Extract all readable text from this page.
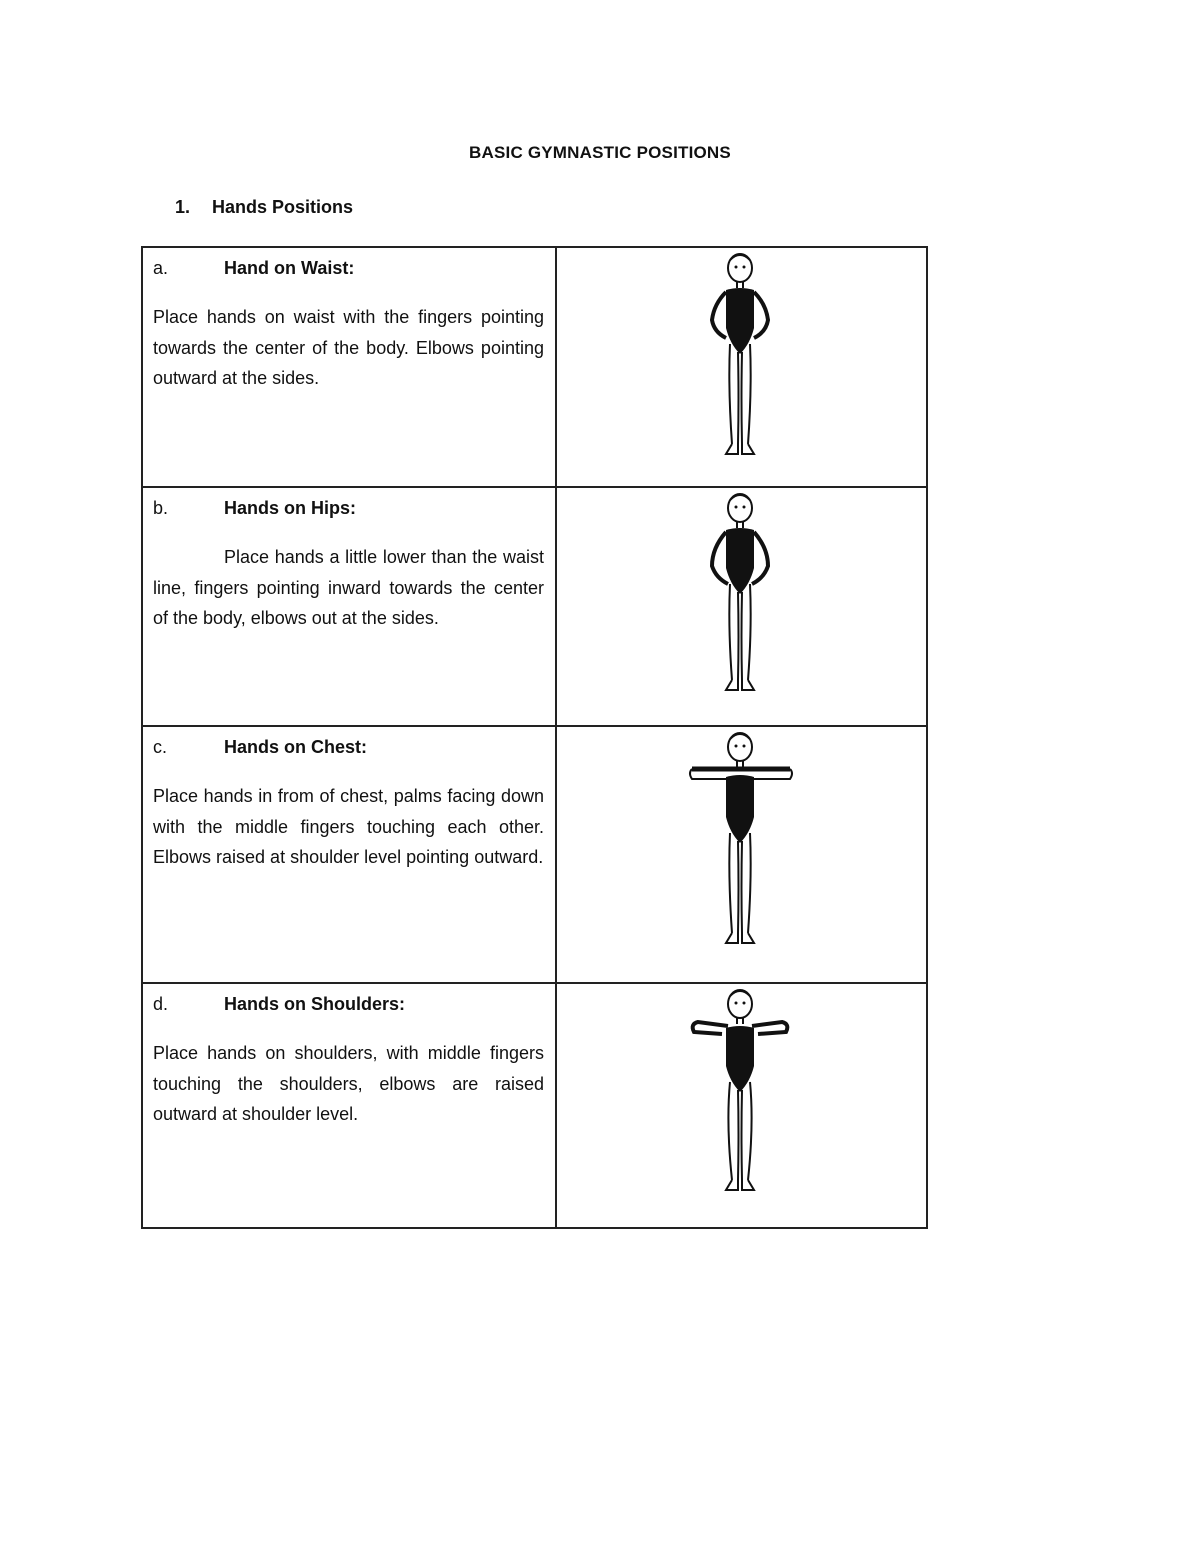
BASIC GYMNASTIC POSITIONS
1. Hands Positions
a. Hand on Waist:
Place hands on waist with the fingers pointing towards the center of the body. Elbows pointing outward at the sides.

b. Hands on Hips:
Place hands a little lower than the waist line, fingers pointing inward towards the center of the body, elbows out at the sides.

c. Hands on Chest:
Place hands in from of chest, palms facing down with the middle fingers touching each other. Elbows raised at shoulder level pointing outward.

d. Hands on Shoulders:
Place hands on shoulders, with middle fingers touching the shoulders, elbows are raised outward at shoulder level.
